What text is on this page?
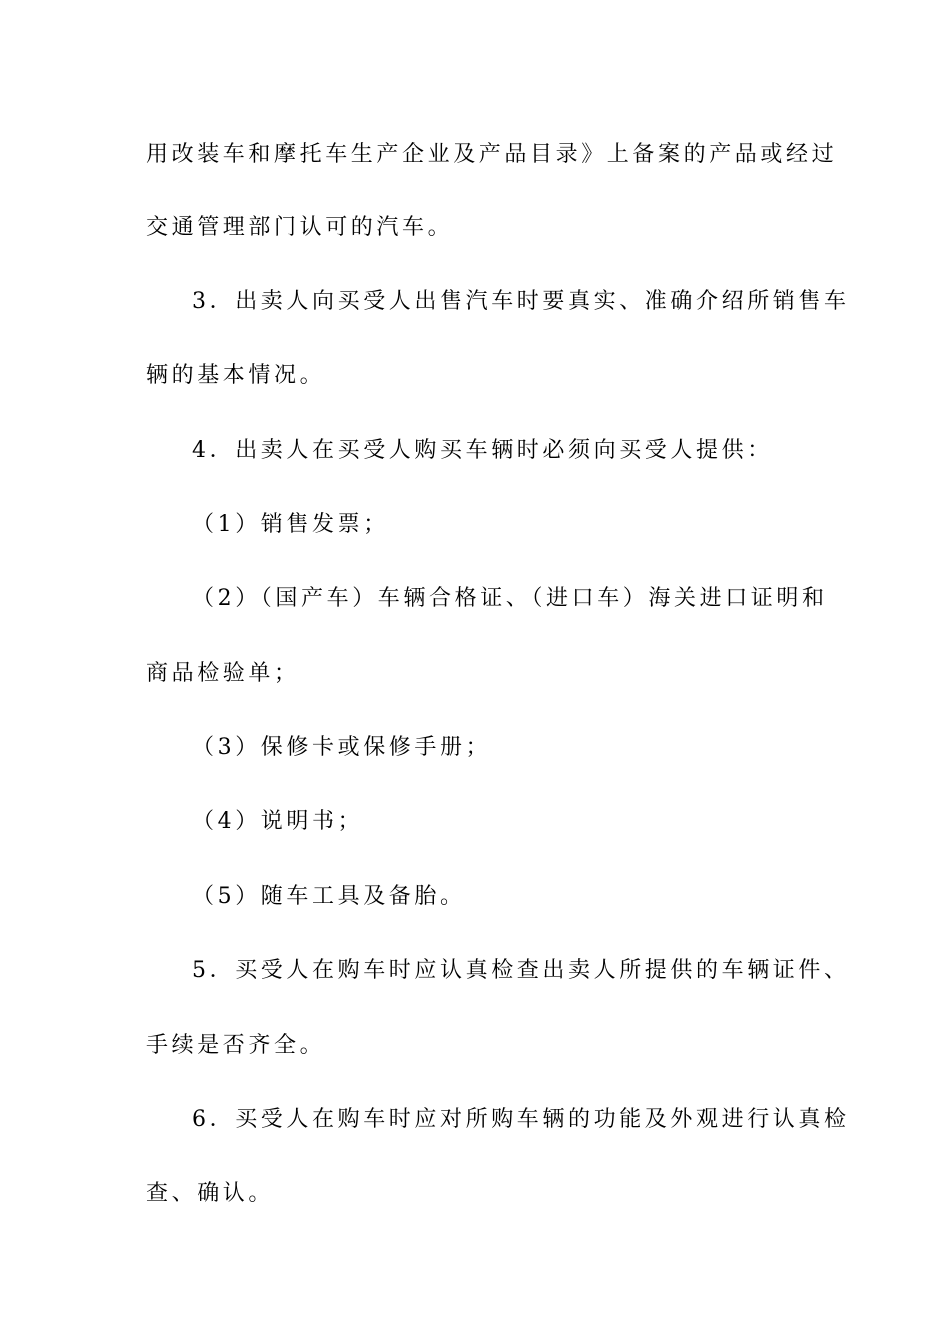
用改装车和摩托车生产企业及产品目录》上备案的产品或经过
交通管理部门认可的汽车。
3．出卖人向买受人出售汽车时要真实、准确介绍所销售车
辆的基本情况。
4．出卖人在买受人购买车辆时必须向买受人提供：
（1）销售发票；
（2）（国产车）车辆合格证、（进口车）海关进口证明和
商品检验单；
（3）保修卡或保修手册；
（4）说明书；
（5）随车工具及备胎。
5．买受人在购车时应认真检查出卖人所提供的车辆证件、
手续是否齐全。
6．买受人在购车时应对所购车辆的功能及外观进行认真检
查、确认。
